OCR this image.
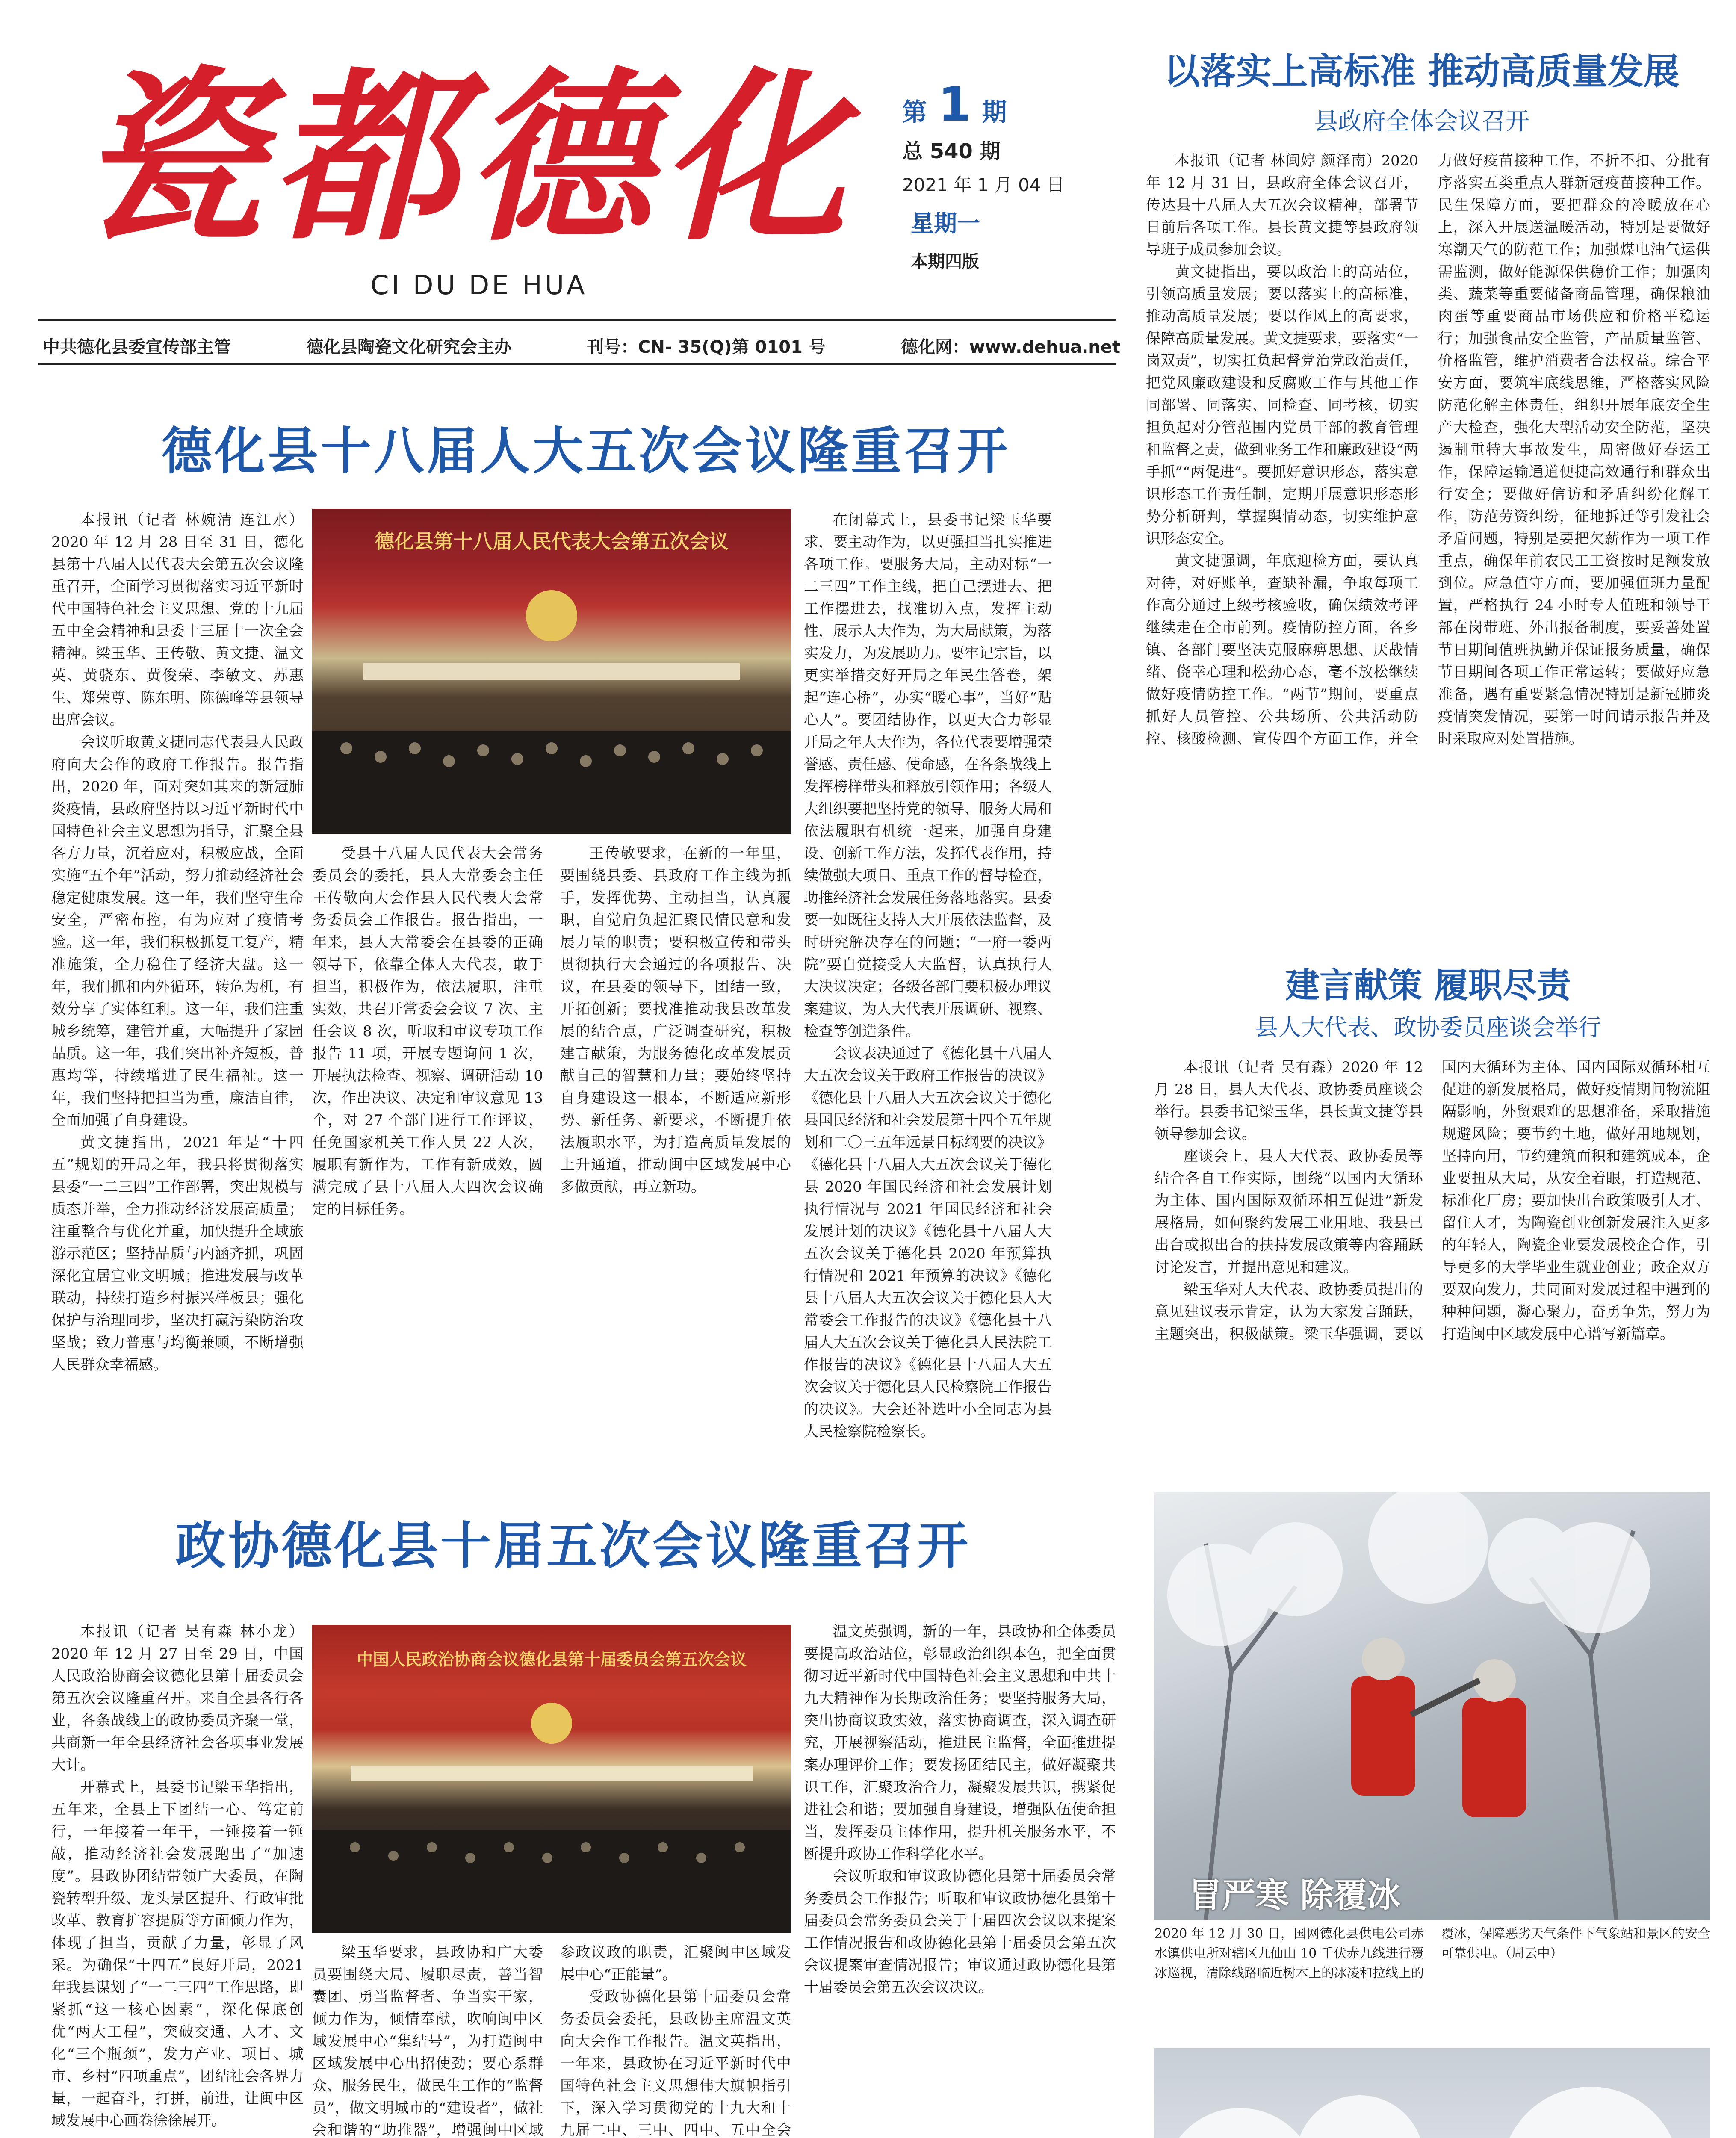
瓷都德化
CI DU DE HUA
第 1 期
总 540 期
2021 年 1 月 04 日
星期一
本期四版
中共德化县委宣传部主管	德化县陶瓷文化研究会主办	刊号：CN- 35(Q)第 0101 号	德化网：www.dehua.net
以落实上高标准 推动高质量发展
县政府全体会议召开

本报讯（记者 林闽婷 颜泽南）2020 年 12 月 31 日，县政府全体会议召开，传达县十八届人大五次会议精神，部署节日前后各项工作。县长黄文捷等县政府领导班子成员参加会议。

黄文捷指出，要以政治上的高站位，引领高质量发展；要以落实上的高标准，推动高质量发展；要以作风上的高要求，保障高质量发展。黄文捷要求，要落实“一岗双责”，切实扛负起督党治党政治责任，把党风廉政建设和反腐败工作与其他工作同部署、同落实、同检查、同考核，切实担负起对分管范围内党员干部的教育管理和监督之责，做到业务工作和廉政建设“两手抓”“两促进”。要抓好意识形态，落实意识形态工作责任制，定期开展意识形态形势分析研判，掌握舆情动态，切实维护意识形态安全。

黄文捷强调，年底迎检方面，要认真对待，对好账单，查缺补漏，争取每项工作高分通过上级考核验收，确保绩效考评继续走在全市前列。疫情防控方面，各乡镇、各部门要坚决克服麻痹思想、厌战情绪、侥幸心理和松劲心态，毫不放松继续做好疫情防控工作。“两节”期间，要重点抓好人员管控、公共场所、公共活动防控、核酸检测、宣传四个方面工作，并全力做好疫苗接种工作，不折不扣、分批有序落实五类重点人群新冠疫苗接种工作。民生保障方面，要把群众的冷暖放在心上，深入开展送温暖活动，特别是要做好寒潮天气的防范工作；加强煤电油气运供需监测，做好能源保供稳价工作；加强肉类、蔬菜等重要储备商品管理，确保粮油肉蛋等重要商品市场供应和价格平稳运行；加强食品安全监管，产品质量监管、价格监管，维护消费者合法权益。综合平安方面，要筑牢底线思维，严格落实风险防范化解主体责任，组织开展年底安全生产大检查，强化大型活动安全防范，坚决遏制重特大事故发生，周密做好春运工作，保障运输通道便捷高效通行和群众出行安全；要做好信访和矛盾纠纷化解工作，防范劳资纠纷，征地拆迁等引发社会矛盾问题，特别是要把欠薪作为一项工作重点，确保年前农民工工资按时足额发放到位。应急值守方面，要加强值班力量配置，严格执行 24 小时专人值班和领导干部在岗带班、外出报备制度，要妥善处置节日期间值班执勤并保证报务质量，确保节日期间各项工作正常运转；要做好应急准备，遇有重要紧急情况特别是新冠肺炎疫情突发情况，要第一时间请示报告并及时采取应对处置措施。

德化县十八届人大五次会议隆重召开
德化县第十八届人民代表大会第五次会议

本报讯（记者 林婉清 连江水）2020 年 12 月 28 日至 31 日，德化县第十八届人民代表大会第五次会议隆重召开，全面学习贯彻落实习近平新时代中国特色社会主义思想、党的十九届五中全会精神和县委十三届十一次全会精神。梁玉华、王传敬、黄文捷、温文英、黄骁东、黄俊荣、李敏文、苏惠生、郑荣尊、陈东明、陈德峰等县领导出席会议。

会议听取黄文捷同志代表县人民政府向大会作的政府工作报告。报告指出，2020 年，面对突如其来的新冠肺炎疫情，县政府坚持以习近平新时代中国特色社会主义思想为指导，汇聚全县各方力量，沉着应对，积极应战，全面实施“五个年”活动，努力推动经济社会稳定健康发展。这一年，我们坚守生命安全，严密布控，有为应对了疫情考验。这一年，我们积极抓复工复产，精准施策，全力稳住了经济大盘。这一年，我们抓和内外循环，转危为机，有效分享了实体红利。这一年，我们注重城乡统筹，建管并重，大幅提升了家园品质。这一年，我们突出补齐短板，普惠均等，持续增进了民生福祉。这一年，我们坚持把担当为重，廉洁自律，全面加强了自身建设。

黄文捷指出，2021 年是“十四五”规划的开局之年，我县将贯彻落实县委“一二三四”工作部署，突出规模与质态并举，全力推动经济发展高质量；注重整合与优化并重，加快提升全域旅游示范区；坚持品质与内涵齐抓，巩固深化宜居宜业文明城；推进发展与改革联动，持续打造乡村振兴样板县；强化保护与治理同步，坚决打赢污染防治攻坚战；致力普惠与均衡兼顾，不断增强人民群众幸福感。

受县十八届人民代表大会常务委员会的委托，县人大常委会主任王传敬向大会作县人民代表大会常务委员会工作报告。报告指出，一年来，县人大常委会在县委的正确领导下，依靠全体人大代表，敢于担当，积极作为，依法履职，注重实效，共召开常委会会议 7 次、主任会议 8 次，听取和审议专项工作报告 11 项，开展专题询问 1 次，开展执法检查、视察、调研活动 10 次，作出决议、决定和审议意见 13 个，对 27 个部门进行工作评议，任免国家机关工作人员 22 人次，履职有新作为，工作有新成效，圆满完成了县十八届人大四次会议确定的目标任务。

王传敬要求，在新的一年里，要围绕县委、县政府工作主线为抓手，发挥优势、主动担当，认真履职，自觉肩负起汇聚民情民意和发展力量的职责；要积极宣传和带头贯彻执行大会通过的各项报告、决议，在县委的领导下，团结一致，开拓创新；要找准推动我县改革发展的结合点，广泛调查研究，积极建言献策，为服务德化改革发展贡献自己的智慧和力量；要始终坚持自身建设这一根本，不断适应新形势、新任务、新要求，不断提升依法履职水平，为打造高质量发展的上升通道，推动闽中区域发展中心多做贡献，再立新功。

在闭幕式上，县委书记梁玉华要求，要主动作为，以更强担当扎实推进各项工作。要服务大局，主动对标“一二三四”工作主线，把自己摆进去、把工作摆进去，找准切入点，发挥主动性，展示人大作为，为大局献策，为落实发力，为发展助力。要牢记宗旨，以更实举措交好开局之年民生答卷，架起“连心桥”，办实“暖心事”，当好“贴心人”。要团结协作，以更大合力彰显开局之年人大作为，各位代表要增强荣誉感、责任感、使命感，在各条战线上发挥榜样带头和释放引领作用；各级人大组织要把坚持党的领导、服务大局和依法履职有机统一起来，加强自身建设、创新工作方法，发挥代表作用，持续做强大项目、重点工作的督导检查，助推经济社会发展任务落地落实。县委要一如既往支持人大开展依法监督，及时研究解决存在的问题；“一府一委两院”要自觉接受人大监督，认真执行人大决议决定；各级各部门要积极办理议案建议，为人大代表开展调研、视察、检查等创造条件。

会议表决通过了《德化县十八届人大五次会议关于政府工作报告的决议》《德化县十八届人大五次会议关于德化县国民经济和社会发展第十四个五年规划和二〇三五年远景目标纲要的决议》《德化县十八届人大五次会议关于德化县 2020 年国民经济和社会发展计划执行情况与 2021 年国民经济和社会发展计划的决议》《德化县十八届人大五次会议关于德化县 2020 年预算执行情况和 2021 年预算的决议》《德化县十八届人大五次会议关于德化县人大常委会工作报告的决议》《德化县十八届人大五次会议关于德化县人民法院工作报告的决议》《德化县十八届人大五次会议关于德化县人民检察院工作报告的决议》。大会还补选叶小全同志为县人民检察院检察长。

建言献策 履职尽责
县人大代表、政协委员座谈会举行

本报讯（记者 吴有森）2020 年 12 月 28 日，县人大代表、政协委员座谈会举行。县委书记梁玉华，县长黄文捷等县领导参加会议。

座谈会上，县人大代表、政协委员等结合各自工作实际，围绕“以国内大循环为主体、国内国际双循环相互促进”新发展格局，如何聚约发展工业用地、我县已出台或拟出台的扶持发展政策等内容踊跃讨论发言，并提出意见和建议。

梁玉华对人大代表、政协委员提出的意见建议表示肯定，认为大家发言踊跃，主题突出，积极献策。梁玉华强调，要以国内大循环为主体、国内国际双循环相互促进的新发展格局，做好疫情期间物流阻隔影响，外贸艰难的思想准备，采取措施规避风险；要节约土地，做好用地规划，坚持向用，节约建筑面积和建筑成本，企业要扭从大局，从安全着眼，打造规范、标准化厂房；要加快出台政策吸引人才、留住人才，为陶瓷创业创新发展注入更多的年轻人，陶瓷企业要发展校企合作，引导更多的大学毕业生就业创业；政企双方要双向发力，共同面对发展过程中遇到的种种问题，凝心聚力，奋勇争先，努力为打造闽中区域发展中心谱写新篇章。

政协德化县十届五次会议隆重召开
中国人民政治协商会议德化县第十届委员会第五次会议

本报讯（记者 吴有森 林小龙）2020 年 12 月 27 日至 29 日，中国人民政治协商会议德化县第十届委员会第五次会议隆重召开。来自全县各行各业，各条战线上的政协委员齐聚一堂，共商新一年全县经济社会各项事业发展大计。

开幕式上，县委书记梁玉华指出，五年来，全县上下团结一心、笃定前行，一年接着一年干，一锤接着一锤敲，推动经济社会发展跑出了“加速度”。县政协团结带领广大委员，在陶瓷转型升级、龙头景区提升、行政审批改革、教育扩容提质等方面倾力作为，体现了担当，贡献了力量，彰显了风采。为确保“十四五”良好开局，2021 年我县谋划了“一二三四”工作思路，即紧抓“这一核心因素”，深化保底创优“两大工程”，突破交通、人才、文化“三个瓶颈”，发力产业、项目、城市、乡村“四项重点”，团结社会各界力量，一起奋斗，打拼，前进，让闽中区域发展中心画卷徐徐展开。

梁玉华要求，县政协和广大委员要围绕大局、履职尽责，善当智囊团、勇当监督者、争当实干家，倾力作为，倾情奉献，吹响闽中区域发展中心“集结号”，为打造闽中区域发展中心出招使劲；要心系群众、服务民生，做民生工作的“监督员”，做文明城市的“建设者”，做社会和谐的“助推器”，增强闽中区域 参政议政的职责，汇聚闽中区域发展中心“正能量”。

受政协德化县第十届委员会常务委员会委托，县政协主席温文英向大会作工作报告。温文英指出，一年来，县政协在习近平新时代中国特色社会主义思想伟大旗帜指引下，深入学习贯彻党的十九大和十九届二中、三中、四中、五中全会

温文英强调，新的一年，县政协和全体委员要提高政治站位，彰显政治组织本色，把全面贯彻习近平新时代中国特色社会主义思想和中共十九大精神作为长期政治任务；要坚持服务大局，突出协商议政实效，落实协商调查，深入调查研究，开展视察活动，推进民主监督，全面推进提案办理评价工作；要发扬团结民主，做好凝聚共识工作，汇聚政治合力，凝聚发展共识，携紧促进社会和谐；要加强自身建设，增强队伍使命担当，发挥委员主体作用，提升机关服务水平，不断提升政协工作科学化水平。

会议听取和审议政协德化县第十届委员会常务委员会工作报告；听取和审议政协德化县第十届委员会常务委员会关于十届四次会议以来提案工作情况报告和政协德化县第十届委员会第五次会议提案审查情况报告；审议通过政协德化县第十届委员会第五次会议决议。

冒严寒 除覆冰
2020 年 12 月 30 日，国网德化县供电公司赤水镇供电所对辖区九仙山 10 千伏赤九线进行覆冰巡视，清除线路临近树木上的冰凌和拉线上的覆冰，保障恶劣天气条件下气象站和景区的安全可靠供电。（周云中）
